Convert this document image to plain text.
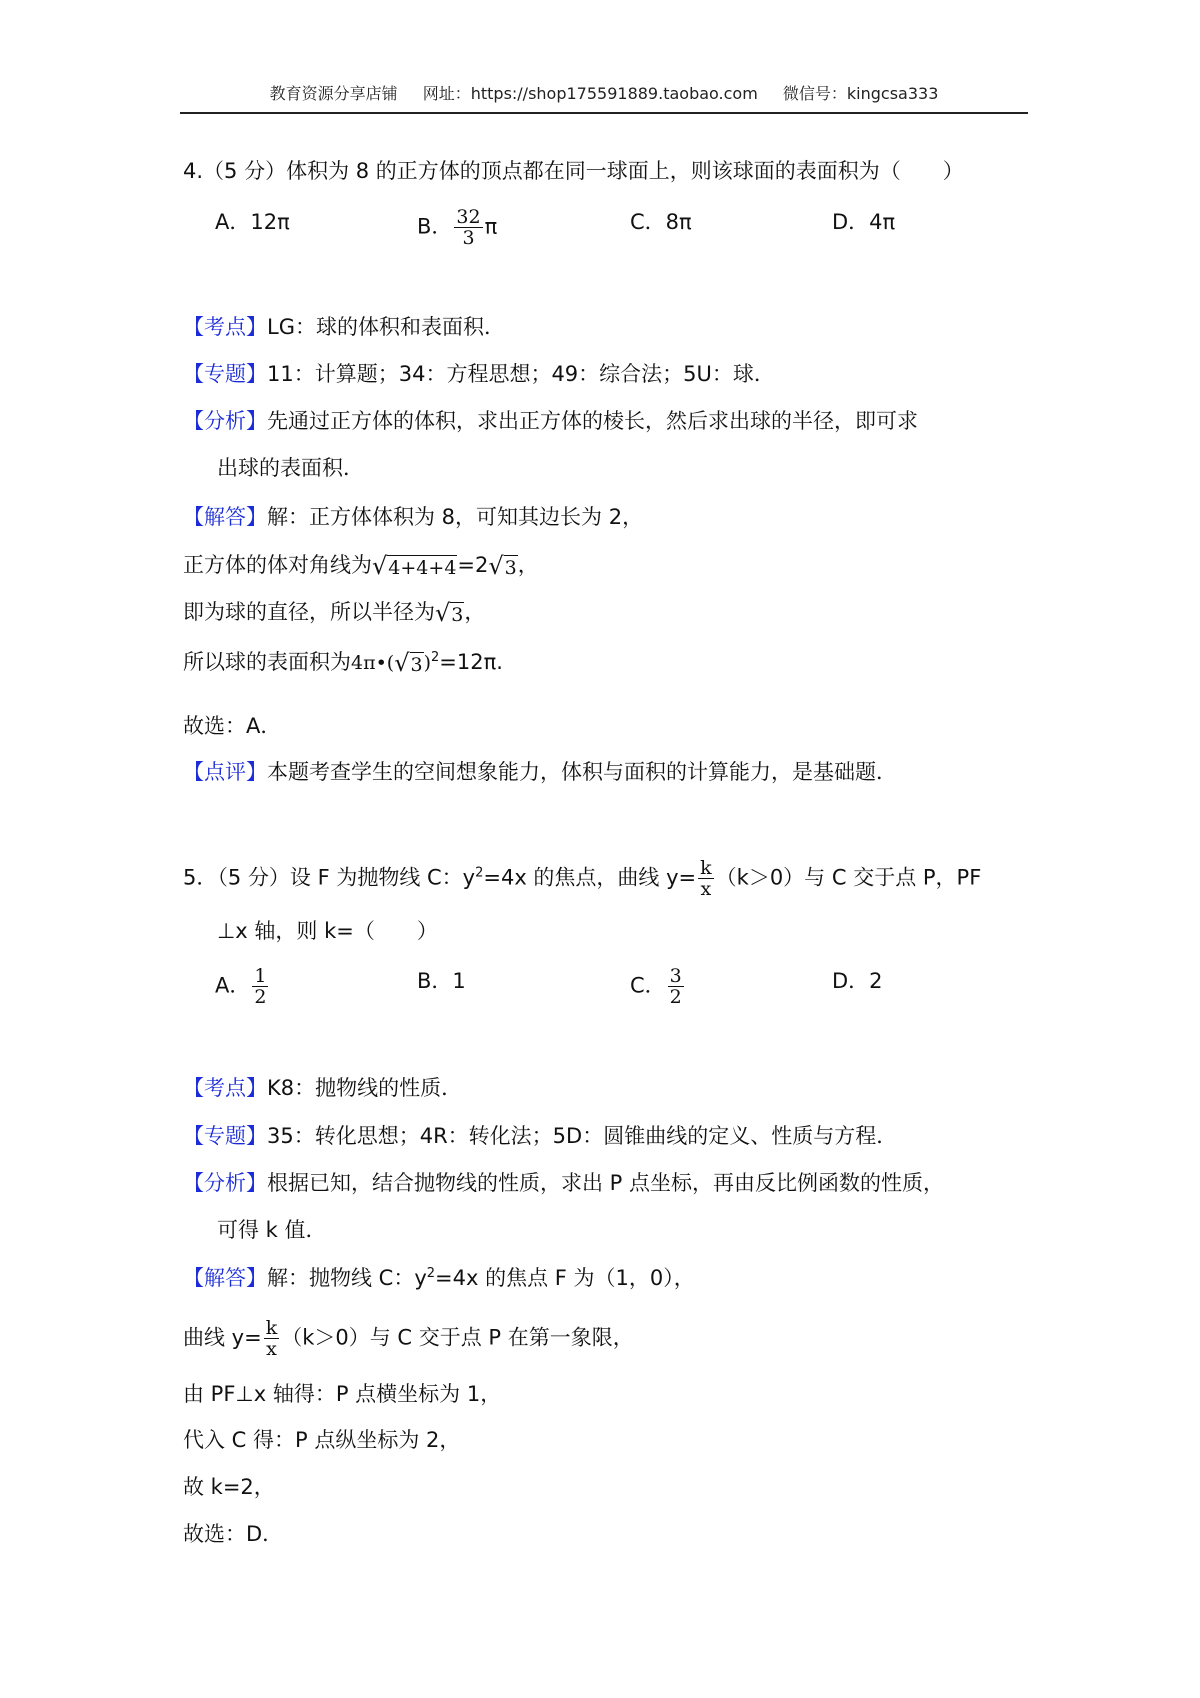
教育资源分享店铺 网址：https://shop175591889.taobao.com 微信号：kingcsa333
4.（5 分）体积为 8 的正方体的顶点都在同一球面上，则该球面的表面积为（　　）
A．12π	B． $\frac{32}{3}$ π	C．8π	D．4π
【考点】LG：球的体积和表面积．
【专题】11：计算题；34：方程思想；49：综合法；5U：球．
【分析】先通过正方体的体积，求出正方体的棱长，然后求出球的半径，即可求
出球的表面积．
【解答】解：正方体体积为 8，可知其边长为 2，
正方体的体对角线为 √ 4+4+4 =2 √ 3 ，
即为球的直径，所以半径为 √ 3 ，
所以球的表面积为4π•( √ 3 )$^2$=12π.
故选：A．
【点评】本题考查学生的空间想象能力，体积与面积的计算能力，是基础题．
5．（5 分）设 F 为抛物线 C：$y^2=4x$ 的焦点，曲线 $y= \frac{k}{x} (k>0)$与 C 交于点 P，PF
⊥x 轴，则 k=（　　）
A． $\frac{1}{2}$	B．1	C． $\frac{3}{2}$	D．2
【考点】K8：抛物线的性质．
【专题】35：转化思想；4R：转化法；5D：圆锥曲线的定义、性质与方程．
【分析】根据已知，结合抛物线的性质，求出 P 点坐标，再由反比例函数的性质，
可得 k 值．
【解答】解：抛物线 C：$y^2=4x$ 的焦点 F 为（1，0），
曲线 $y= \frac{k}{x} (k>0)$与 C 交于点 P 在第一象限，
由 PF⊥x 轴得：P 点横坐标为 1，
代入 C 得：P 点纵坐标为 2，
故 k=2，
故选：D．
